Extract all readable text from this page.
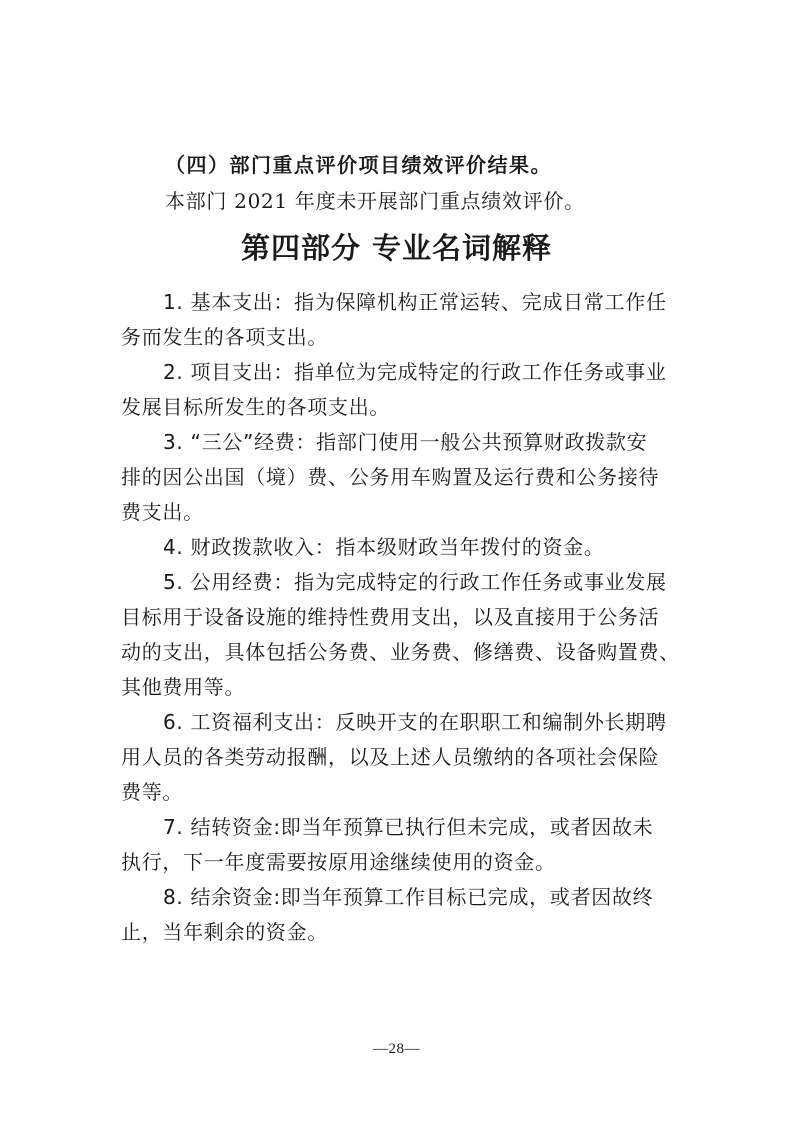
（四）部门重点评价项目绩效评价结果。
本部门 2021 年度未开展部门重点绩效评价。
第四部分 专业名词解释
1. 基本支出：指为保障机构正常运转、完成日常工作任
务而发生的各项支出。
2. 项目支出：指单位为完成特定的行政工作任务或事业
发展目标所发生的各项支出。
3. “三公”经费：指部门使用一般公共预算财政拨款安
排的因公出国（境）费、公务用车购置及运行费和公务接待
费支出。
4. 财政拨款收入：指本级财政当年拨付的资金。
5. 公用经费：指为完成特定的行政工作任务或事业发展
目标用于设备设施的维持性费用支出，以及直接用于公务活
动的支出，具体包括公务费、业务费、修缮费、设备购置费、
其他费用等。
6. 工资福利支出：反映开支的在职职工和编制外长期聘
用人员的各类劳动报酬，以及上述人员缴纳的各项社会保险
费等。
7. 结转资金:即当年预算已执行但未完成，或者因故未
执行，下一年度需要按原用途继续使用的资金。
8. 结余资金:即当年预算工作目标已完成，或者因故终
止，当年剩余的资金。
—28—
